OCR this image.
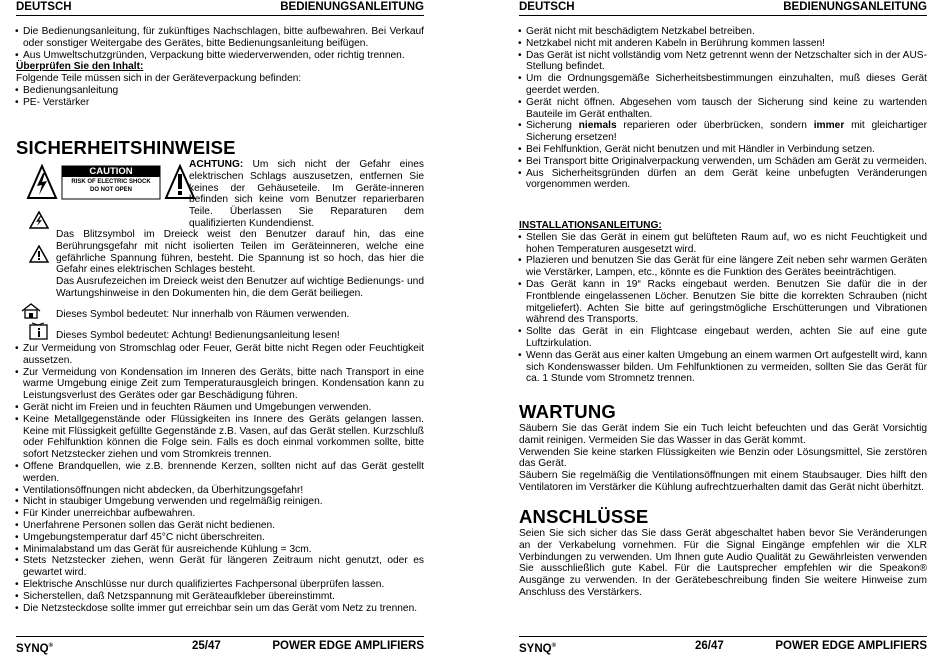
DEUTSCH	BEDIENUNGSANLEITUNG
• Die Bedienungsanleitung, für zukünftiges Nachschlagen, bitte aufbewahren. Bei Verkauf oder sonstiger Weitergabe des Gerätes, bitte Bedienungsanleitung beifügen.
• Aus Umweltschutzgründen, Verpackung bitte wiederverwenden, oder richtig trennen.

Überprüfen Sie den Inhalt:

Folgende Teile müssen sich in der Geräteverpackung befinden:

• Bedienungsanleitung
• PE- Verstärker
SICHERHEITSHINWEISE
CAUTION
RISK OF ELECTRIC SHOCK
DO NOT OPEN
ACHTUNG: Um sich nicht der Gefahr eines elektrischen Schlags auszusetzen, entfernen Sie keines der Gehäuseteile. Im Geräte-inneren befinden sich keine vom Benutzer reparierbaren Teile. Überlassen Sie Reparaturen dem qualifizierten Kundendienst.

Das Blitzsymbol im Dreieck weist den Benutzer darauf hin, das eine Berührungsgefahr mit nicht isolierten Teilen im Geräteinneren, welche eine gefährliche Spannung führen, besteht. Die Spannung ist so hoch, das hier die Gefahr eines elektrischen Schlages besteht.

Das Ausrufezeichen im Dreieck weist den Benutzer auf wichtige Bedienungs- und Wartungshinweise in den Dokumenten hin, die dem Gerät beiliegen.

Dieses Symbol bedeutet: Nur innerhalb von Räumen verwenden.
Dieses Symbol bedeutet: Achtung! Bedienungsanleitung lesen!
• Zur Vermeidung von Stromschlag oder Feuer, Gerät bitte nicht Regen oder Feuchtigkeit aussetzen.
• Zur Vermeidung von Kondensation im Inneren des Geräts, bitte nach Transport in eine warme Umgebung einige Zeit zum Temperaturausgleich bringen. Kondensation kann zu Leistungsverlust des Gerätes oder gar Beschädigung führen.
• Gerät nicht im Freien und in feuchten Räumen und Umgebungen verwenden.
• Keine Metallgegenstände oder Flüssigkeiten ins Innere des Geräts gelangen lassen. Keine mit Flüssigkeit gefüllte Gegenstände z.B. Vasen, auf das Gerät stellen. Kurzschluß oder Fehlfunktion können die Folge sein. Falls es doch einmal vorkommen sollte, bitte sofort Netzstecker ziehen und vom Stromkreis trennen.
• Offene Brandquellen, wie z.B. brennende Kerzen, sollten nicht auf das Gerät gestellt werden.
• Ventilationsöffnungen nicht abdecken, da Überhitzungsgefahr!
• Nicht in staubiger Umgebung verwenden und regelmäßig reinigen.
• Für Kinder unerreichbar aufbewahren.
• Unerfahrene Personen sollen das Gerät nicht bedienen.
• Umgebungstemperatur darf 45°C nicht überschreiten.
• Minimalabstand um das Gerät für ausreichende Kühlung = 3cm.
• Stets Netzstecker ziehen, wenn Gerät für längeren Zeitraum nicht genutzt, oder es gewartet wird.
• Elektrische Anschlüsse nur durch qualifiziertes Fachpersonal überprüfen lassen.
• Sicherstellen, daß Netzspannung mit Geräteaufkleber übereinstimmt.
• Die Netzsteckdose sollte immer gut erreichbar sein um das Gerät vom Netz zu trennen.
SYNQ®	25/47	POWER EDGE AMPLIFIERS
DEUTSCH	BEDIENUNGSANLEITUNG
• Gerät nicht mit beschädigtem Netzkabel betreiben.
• Netzkabel nicht mit anderen Kabeln in Berührung kommen lassen!
• Das Gerät ist nicht vollständig vom Netz getrennt wenn der Netzschalter sich in der AUS-Stellung befindet.
• Um die Ordnungsgemäße Sicherheitsbestimmungen einzuhalten, muß dieses Gerät geerdet werden.
• Gerät nicht öffnen. Abgesehen vom tausch der Sicherung sind keine zu wartenden Bauteile im Gerät enthalten.
• Sicherung niemals reparieren oder überbrücken, sondern immer mit gleichartiger Sicherung ersetzen!
• Bei Fehlfunktion, Gerät nicht benutzen und mit Händler in Verbindung setzen.
• Bei Transport bitte Originalverpackung verwenden, um Schäden am Gerät zu vermeiden.
• Aus Sicherheitsgründen dürfen an dem Gerät keine unbefugten Veränderungen vorgenommen werden.

INSTALLATIONSANLEITUNG:

• Stellen Sie das Gerät in einem gut belüfteten Raum auf, wo es nicht Feuchtigkeit und hohen Temperaturen ausgesetzt wird.
• Plazieren und benutzen Sie das Gerät für eine längere Zeit neben sehr warmen Geräten wie Verstärker, Lampen, etc., könnte es die Funktion des Gerätes beeinträchtigen.
• Das Gerät kann in 19“ Racks eingebaut werden. Benutzen Sie dafür die in der Frontblende eingelassenen Löcher. Benutzen Sie bitte die korrekten Schrauben (nicht mitgeliefert). Achten Sie bitte auf geringstmögliche Erschütterungen und Vibrationen während des Transports.
• Sollte das Gerät in ein Flightcase eingebaut werden, achten Sie auf eine gute Luftzirkulation.
• Wenn das Gerät aus einer kalten Umgebung an einem warmen Ort aufgestellt wird, kann sich Kondenswasser bilden. Um Fehlfunktionen zu vermeiden, sollten Sie das Gerät für ca. 1 Stunde vom Stromnetz trennen.
WARTUNG

Säubern Sie das Gerät indem Sie ein Tuch leicht befeuchten und das Gerät Vorsichtig damit reinigen. Vermeiden Sie das Wasser in das Gerät kommt.

Verwenden Sie keine starken Flüssigkeiten wie Benzin oder Lösungsmittel, Sie zerstören das Gerät.

Säubern Sie regelmäßig die Ventilationsöffnungen mit einem Staubsauger. Dies hilft den Ventilatoren im Verstärker die Kühlung aufrechtzuerhalten damit das Gerät nicht überhitzt.

ANSCHLÜSSE
Seien Sie sich sicher das Sie dass Gerät abgeschaltet haben bevor Sie Veränderungen an der Verkabelung vornehmen. Für die Signal Eingänge empfehlen wir die XLR Verbindungen zu verwenden. Um Ihnen gute Audio Qualität zu Gewährleisten verwenden Sie ausschließlich gute Kabel. Für die Lautsprecher empfehlen wir die Speakon® Ausgänge zu verwenden. In der Gerätebeschreibung finden Sie weitere Hinweise zum Anschluss des Verstärkers.
SYNQ®	26/47	POWER EDGE AMPLIFIERS
